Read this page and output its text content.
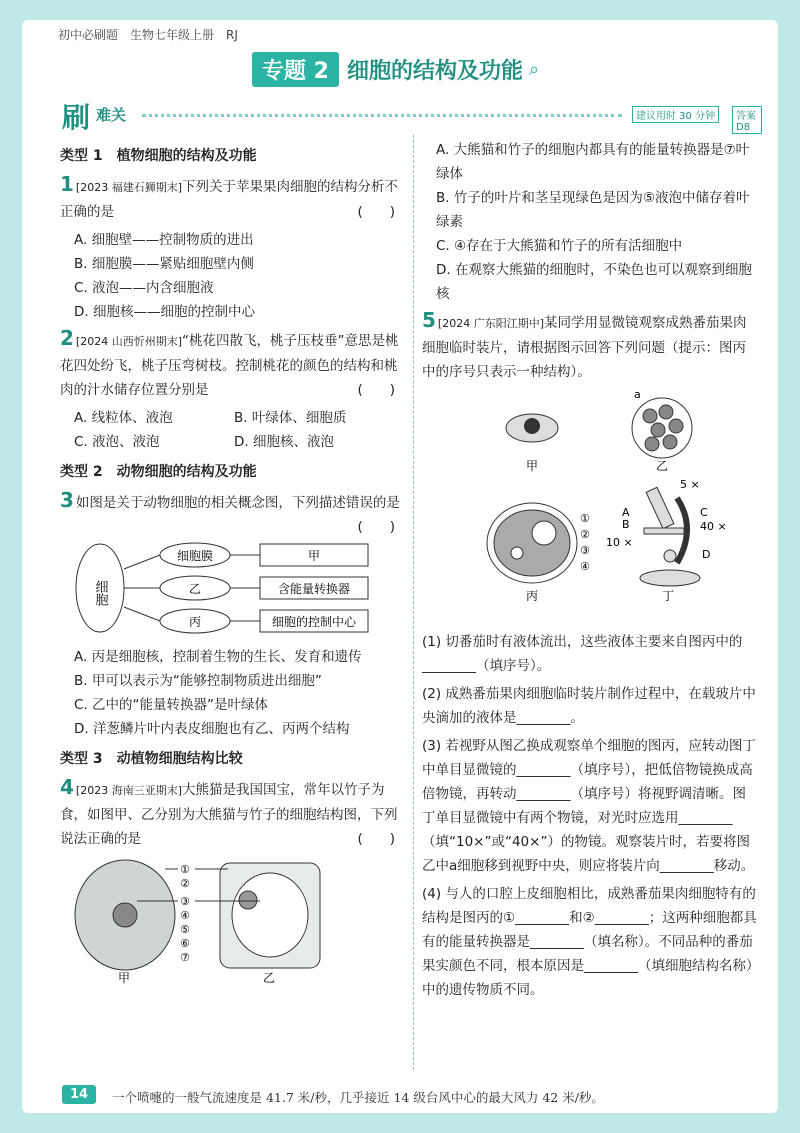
初中必刷题　生物七年级上册　RJ
专题 2 细胞的结构及功能 ⌕
刷 难关	建议用时 30 分钟	答案 D8
类型 1　植物细胞的结构及功能
1 [2023 福建石狮期末]下列关于苹果果肉细胞的结构分析不正确的是	(　　)
A. 细胞壁——控制物质的进出
B. 细胞膜——紧贴细胞壁内侧
C. 液泡——内含细胞液
D. 细胞核——细胞的控制中心
2 [2024 山西忻州期末]“桃花四散飞，桃子压枝垂”意思是桃花四处纷飞，桃子压弯树枝。控制桃花的颜色的结构和桃肉的汁水储存位置分别是	(　　)
A. 线粒体、液泡	B. 叶绿体、细胞质
C. 液泡、液泡	D. 细胞核、液泡
类型 2　动物细胞的结构及功能
3 如图是关于动物细胞的相关概念图，下列描述错误的是
(　　)
细胞
细胞膜
乙
丙
甲
含能量转换器
细胞的控制中心
A. 丙是细胞核，控制着生物的生长、发育和遗传
B. 甲可以表示为“能够控制物质进出细胞”
C. 乙中的“能量转换器”是叶绿体
D. 洋葱鳞片叶内表皮细胞也有乙、丙两个结构
类型 3　动植物细胞结构比较
4 [2023 海南三亚期末]大熊猫是我国国宝，常年以竹子为食，如图甲、乙分别为大熊猫与竹子的细胞结构图，下列说法正确的是	(　　)
①
②
③
④
⑤
⑥
⑦
甲	乙
A. 大熊猫和竹子的细胞内都具有的能量转换器是⑦叶绿体
B. 竹子的叶片和茎呈现绿色是因为⑤液泡中储存着叶绿素
C. ④存在于大熊猫和竹子的所有活细胞中
D. 在观察大熊猫的细胞时，不染色也可以观察到细胞核
5 [2024 广东阳江期中]某同学用显微镜观察成熟番茄果肉细胞临时装片，请根据图示回答下列问题（提示：图丙中的序号只表示一种结构）。
甲
a
乙
①
②
③
④
丙
5 ×
A
B
C
40 ×
10 ×
D
丁
(1) 切番茄时有液体流出，这些液体主要来自图丙中的________（填序号）。
(2) 成熟番茄果肉细胞临时装片制作过程中，在载玻片中央滴加的液体是________。
(3) 若视野从图乙换成观察单个细胞的图丙，应转动图丁中单目显微镜的________（填序号），把低倍物镜换成高倍物镜，再转动________（填序号）将视野调清晰。图丁单目显微镜中有两个物镜，对光时应选用________（填“10×”或“40×”）的物镜。观察装片时，若要将图乙中a细胞移到视野中央，则应将装片向________移动。
(4) 与人的口腔上皮细胞相比，成熟番茄果肉细胞特有的结构是图丙的①________和②________；这两种细胞都具有的能量转换器是________（填名称）。不同品种的番茄果实颜色不同，根本原因是________（填细胞结构名称）中的遗传物质不同。
14	一个喷嚏的一般气流速度是 41.7 米/秒，几乎接近 14 级台风中心的最大风力 42 米/秒。
